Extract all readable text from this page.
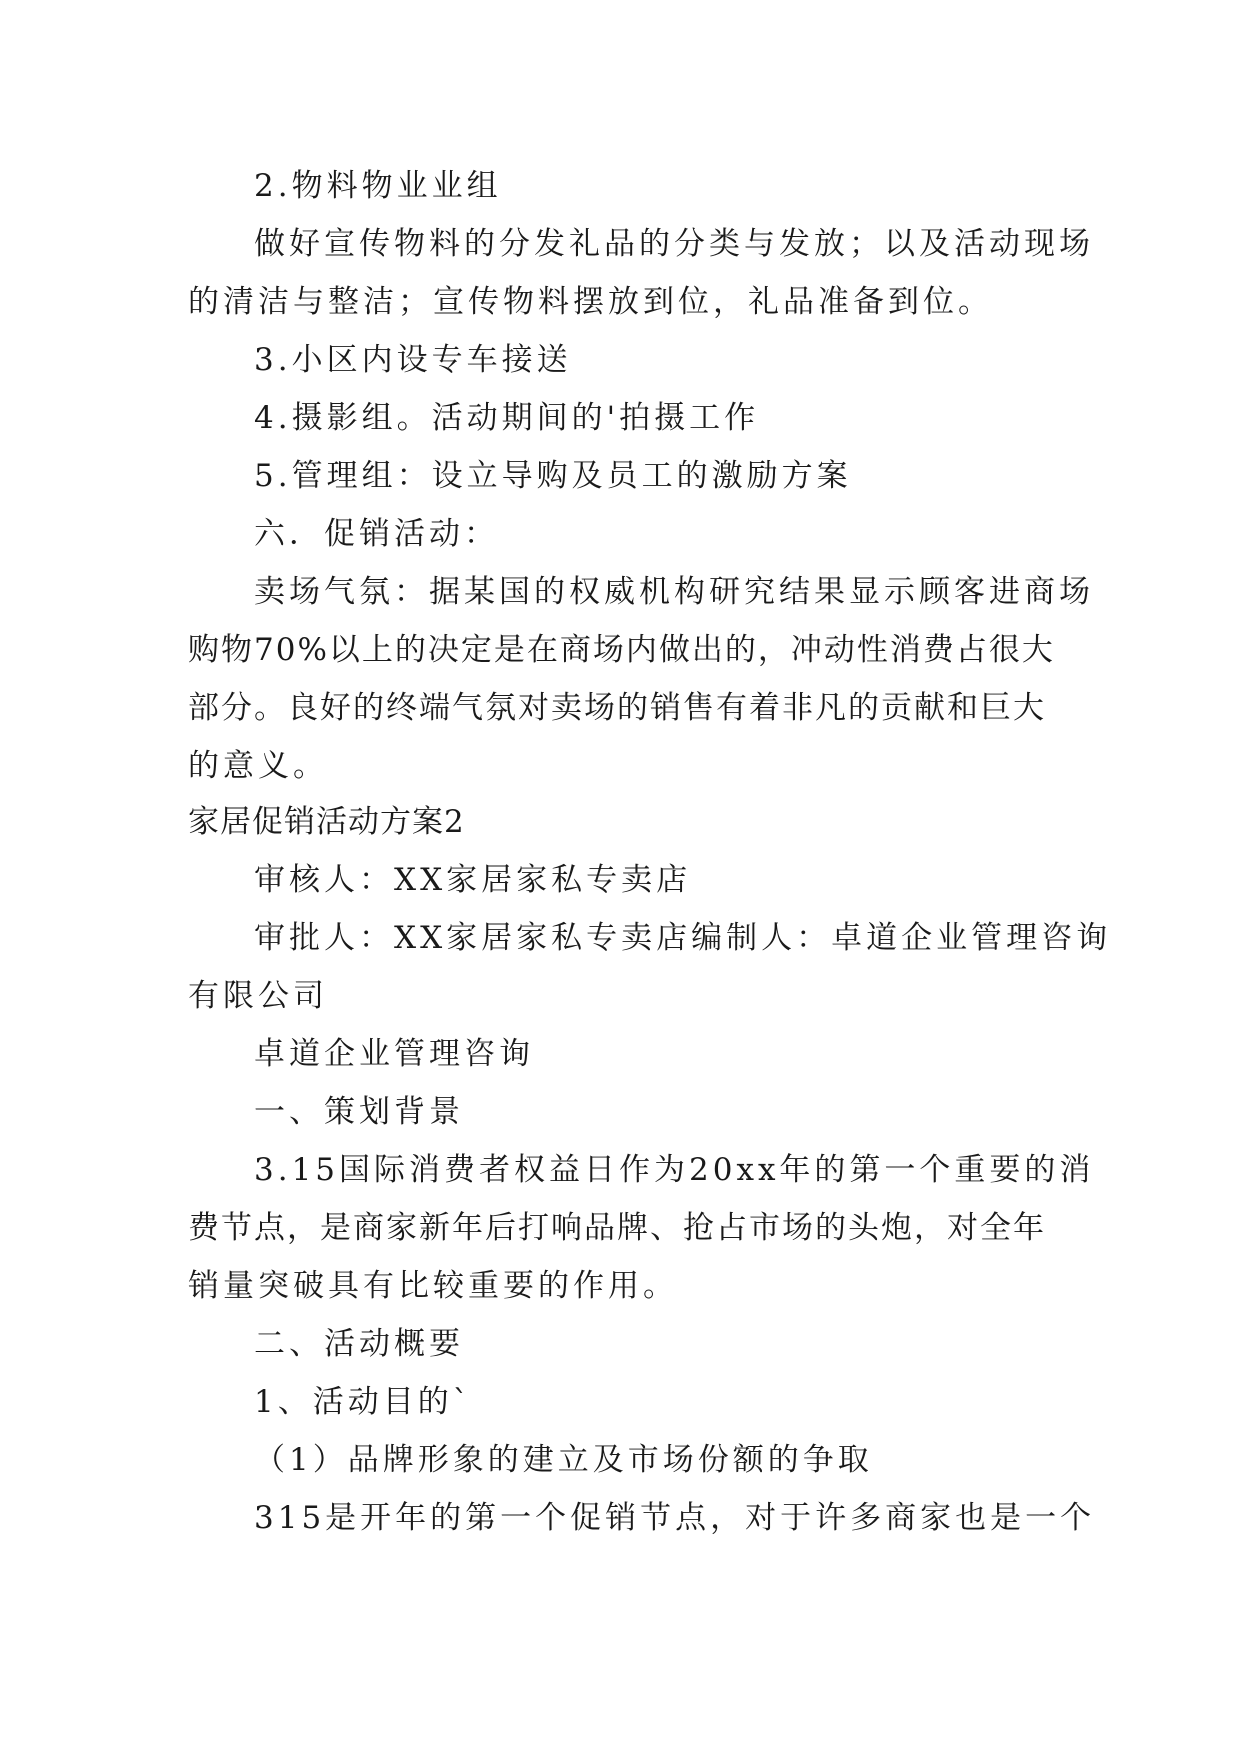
2.物料物业业组
做好宣传物料的分发礼品的分类与发放；以及活动现场
的清洁与整洁；宣传物料摆放到位，礼品准备到位。
3.小区内设专车接送
4.摄影组。活动期间的'拍摄工作
5.管理组：设立导购及员工的激励方案
六．促销活动：
卖场气氛：据某国的权威机构研究结果显示顾客进商场
购物70%以上的决定是在商场内做出的，冲动性消费占很大
部分。良好的终端气氛对卖场的销售有着非凡的贡献和巨大
的意义。
家居促销活动方案2
审核人：XX家居家私专卖店
审批人：XX家居家私专卖店编制人：卓道企业管理咨询
有限公司
卓道企业管理咨询
一、策划背景
3.15国际消费者权益日作为20xx年的第一个重要的消
费节点，是商家新年后打响品牌、抢占市场的头炮，对全年
销量突破具有比较重要的作用。
二、活动概要
1、活动目的`
（1）品牌形象的建立及市场份额的争取
315是开年的第一个促销节点，对于许多商家也是一个
